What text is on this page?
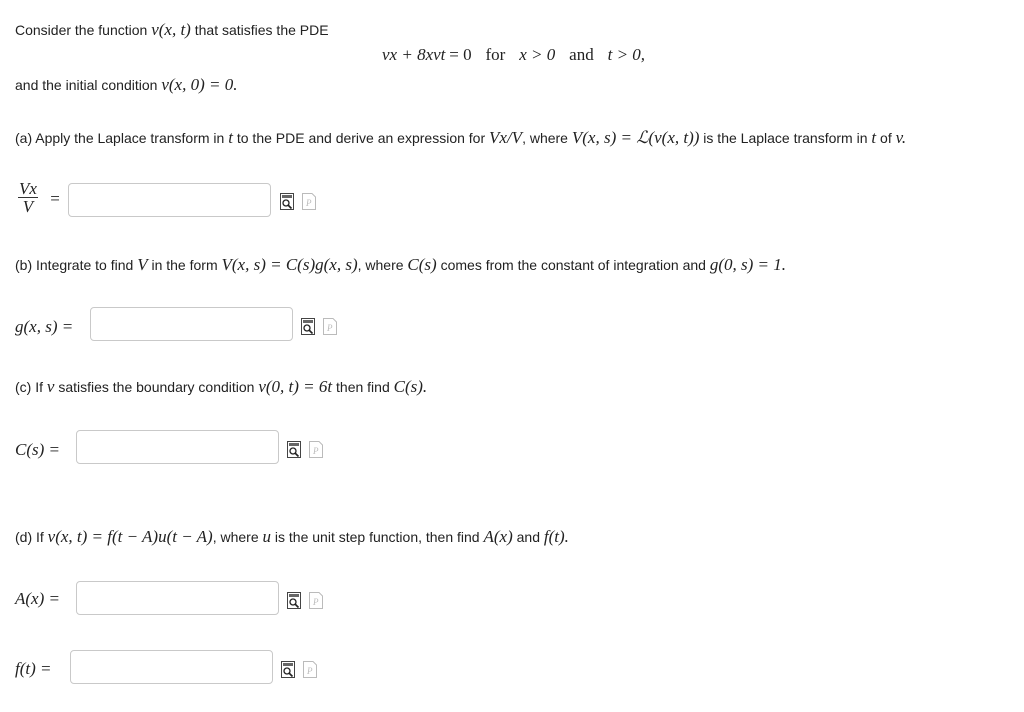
Consider the function v(x, t) that satisfies the PDE
vx + 8xvt = 0 for x > 0 and t > 0,
and the initial condition v(x, 0) = 0.
(a) Apply the Laplace transform in t to the PDE and derive an expression for Vx/V, where V(x, s) = ℒ(v(x, t)) is the Laplace transform in t of v.
$\frac{Vx}{V}$ =
(b) Integrate to find V in the form V(x, s) = C(s)g(x, s), where C(s) comes from the constant of integration and g(0, s) = 1.
g(x, s) =
(c) If v satisfies the boundary condition v(0, t) = 6t then find C(s).
C(s) =
(d) If v(x, t) = f(t − A)u(t − A), where u is the unit step function, then find A(x) and f(t).
A(x) =
f(t) =
P
P
P
P
P
